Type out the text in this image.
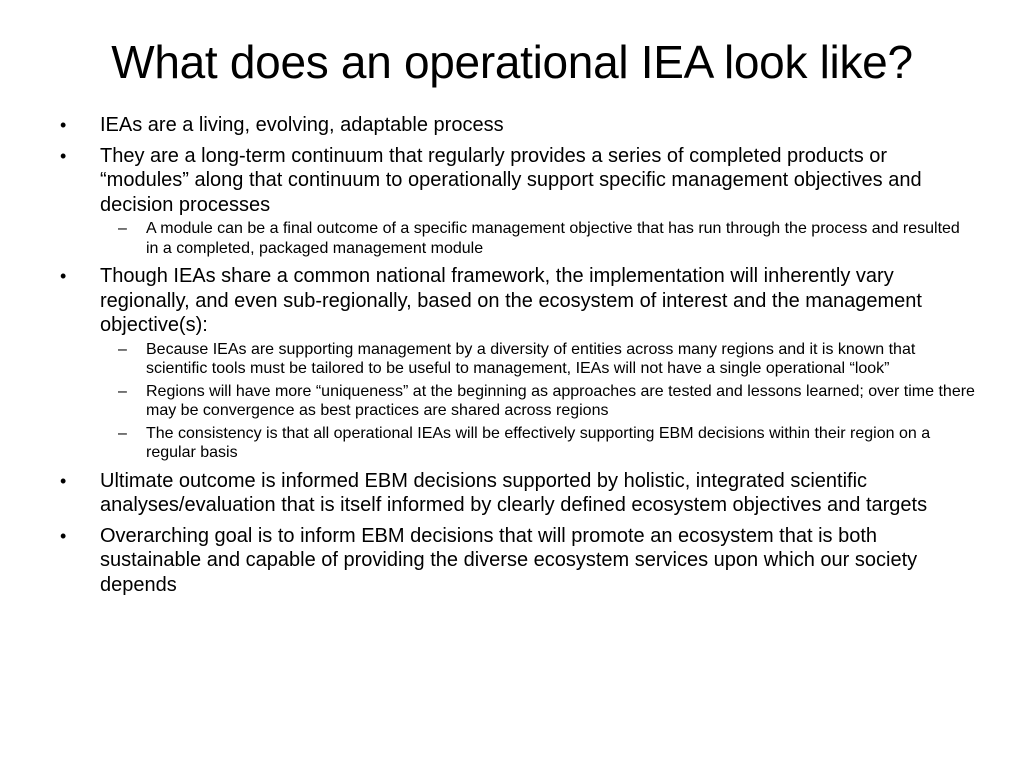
What does an operational IEA look like?
• IEAs are a living, evolving, adaptable process
• They are a long-term continuum that regularly provides a series of completed products or “modules” along that continuum to operationally support specific management objectives and decision processes
– A module can be a final outcome of a specific management objective that has run through the process and resulted in a completed, packaged management module
• Though IEAs share a common national framework, the implementation will inherently vary regionally, and even sub-regionally, based on the ecosystem of interest and the management objective(s):
– Because IEAs are supporting management by a diversity of entities across many regions and it is known that scientific tools must be tailored to be useful to management, IEAs will not have a single operational “look”
– Regions will have more “uniqueness” at the beginning as approaches are tested and lessons learned; over time there may be convergence as best practices are shared across regions
– The consistency is that all operational IEAs will be effectively supporting EBM decisions within their region on a regular basis
• Ultimate outcome is informed EBM decisions supported by holistic, integrated scientific analyses/evaluation that is itself informed by clearly defined ecosystem objectives and targets
• Overarching goal is to inform EBM decisions that will promote an ecosystem that is both sustainable and capable of providing the diverse ecosystem services upon which our society depends
